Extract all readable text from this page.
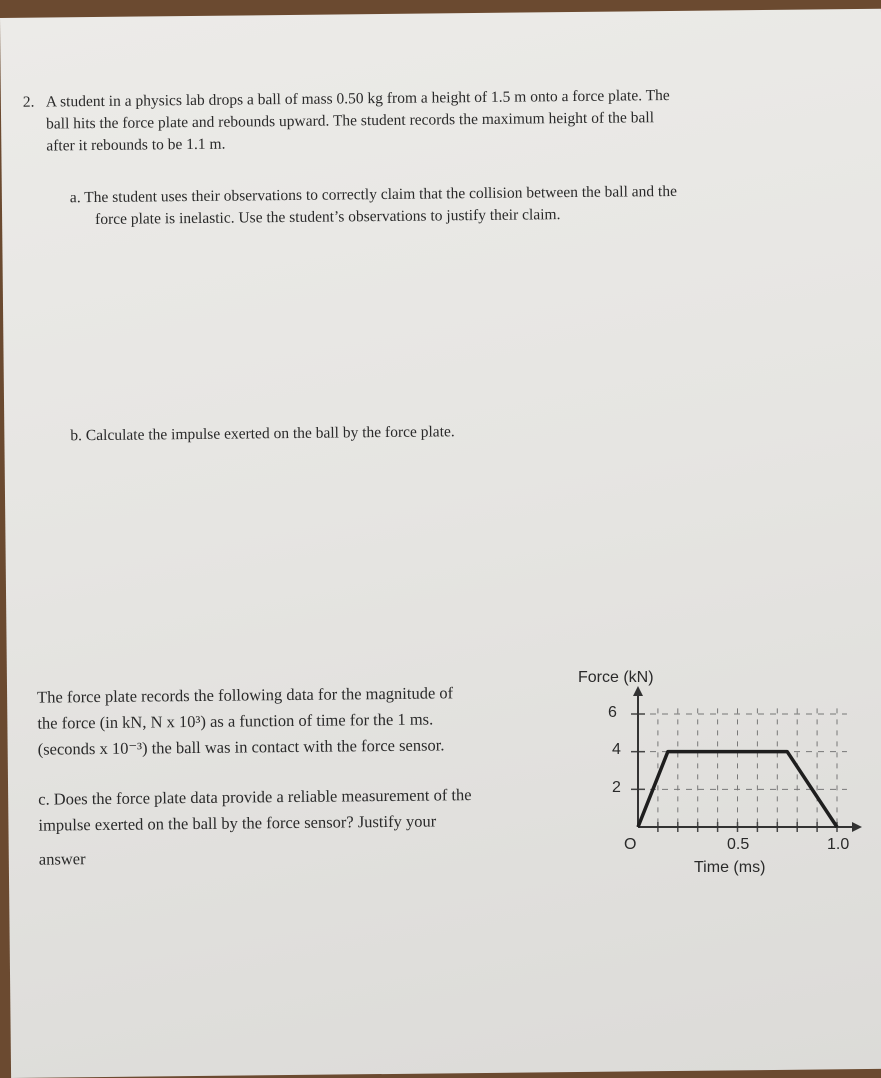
2. A student in a physics lab drops a ball of mass 0.50 kg from a height of 1.5 m onto a force plate. The
ball hits the force plate and rebounds upward. The student records the maximum height of the ball
after it rebounds to be 1.1 m.
a. The student uses their observations to correctly claim that the collision between the ball and the
force plate is inelastic. Use the student’s observations to justify their claim.
b. Calculate the impulse exerted on the ball by the force plate.
The force plate records the following data for the magnitude of
the force (in kN, N x 10³) as a function of time for the 1 ms.
(seconds x 10⁻³) the ball was in contact with the force sensor.
c. Does the force plate data provide a reliable measurement of the
impulse exerted on the ball by the force sensor? Justify your
answer
Force (kN)
Time (ms)
O	0.5	1.0
2
4
6
